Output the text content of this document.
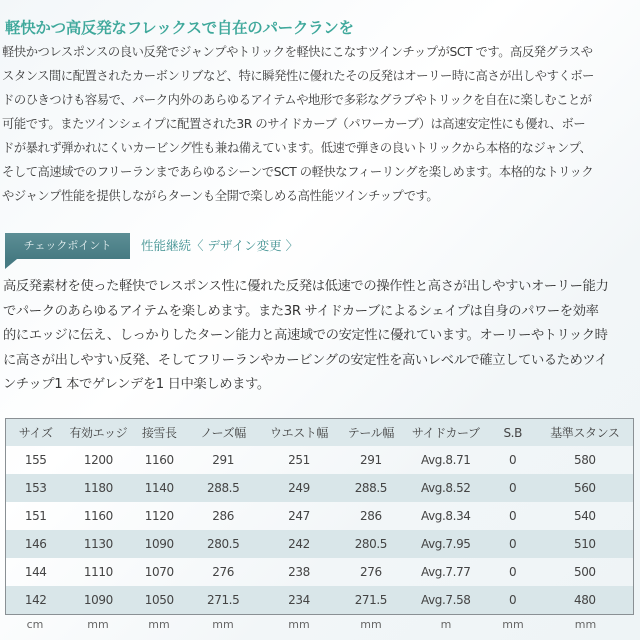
軽快かつ高反発なフレックスで自在のパークランを
軽快かつレスポンスの良い反発でジャンプやトリックを軽快にこなすツインチップがSCT です。高反発グラスや
スタンス間に配置されたカーボンリブなど、特に瞬発性に優れたその反発はオーリー時に高さが出しやすくボー
ドのひきつけも容易で、パーク内外のあらゆるアイテムや地形で多彩なグラブやトリックを自在に楽しむことが
可能です。またツインシェイプに配置された3R のサイドカーブ（パワーカーブ）は高速安定性にも優れ、ボー
ドが暴れず弾かれにくいカービング性も兼ね備えています。低速で弾きの良いトリックから本格的なジャンプ、
そして高速域でのフリーランまであらゆるシーンでSCT の軽快なフィーリングを楽しめます。本格的なトリック
やジャンプ性能を提供しながらターンも全開で楽しめる高性能ツインチップです。
チェックポイント	性能継続〈 デザイン変更 〉
高反発素材を使った軽快でレスポンス性に優れた反発は低速での操作性と高さが出しやすいオーリー能力
でパークのあらゆるアイテムを楽しめます。また3R サイドカーブによるシェイプは自身のパワーを効率
的にエッジに伝え、しっかりしたターン能力と高速域での安定性に優れています。オーリーやトリック時
に高さが出しやすい反発、そしてフリーランやカービングの安定性を高いレベルで確立しているためツイ
ンチップ1 本でゲレンデを1 日中楽しめます。
サイズ	有効エッジ	接雪長	ノーズ幅	ウエスト幅	テール幅	サイドカーブ	S.B	基準スタンス
155	1200	1160	291	251	291	Avg.8.71	0	580
153	1180	1140	288.5	249	288.5	Avg.8.52	0	560
151	1160	1120	286	247	286	Avg.8.34	0	540
146	1130	1090	280.5	242	280.5	Avg.7.95	0	510
144	1110	1070	276	238	276	Avg.7.77	0	500
142	1090	1050	271.5	234	271.5	Avg.7.58	0	480
cm	mm	mm	mm	mm	mm	m	mm	mm
